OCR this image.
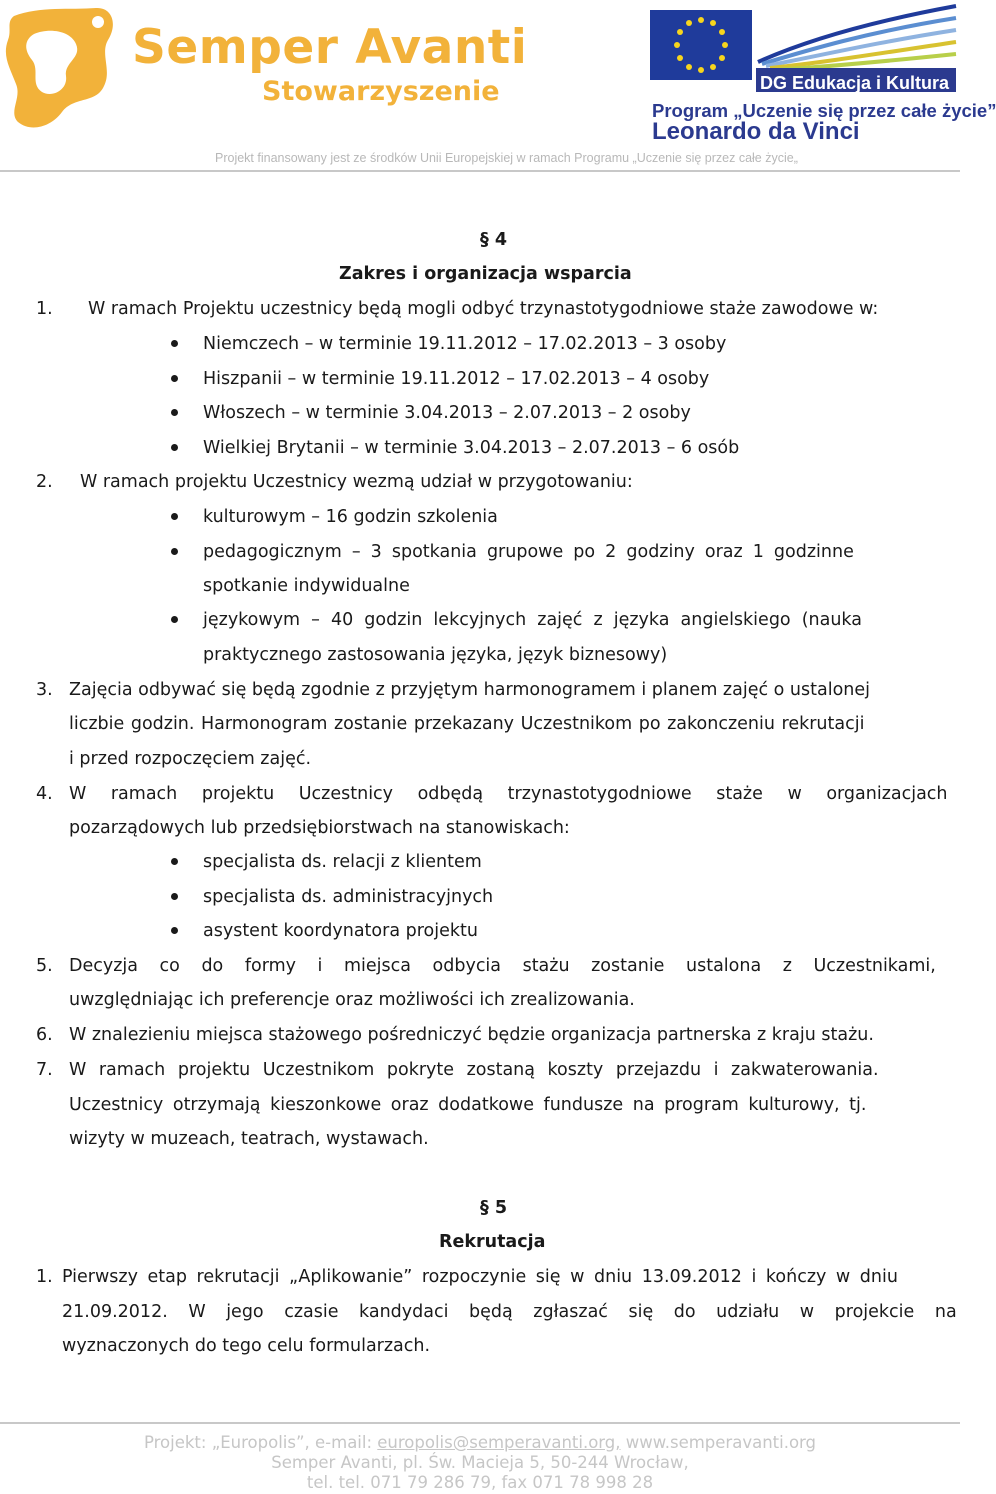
Semper Avanti
Stowarzyszenie	DG Edukacja i Kultura
Program „Uczenie się przez całe życie”
Leonardo da Vinci
Projekt finansowany jest ze środków Unii Europejskiej w ramach Programu „Uczenie się przez całe życie„
§ 4
Zakres i organizacja wsparcia
1. W ramach Projektu uczestnicy będą mogli odbyć trzynastotygodniowe staże zawodowe w:
Niemczech – w terminie 19.11.2012 – 17.02.2013 – 3 osoby
Hiszpanii – w terminie 19.11.2012 – 17.02.2013 – 4 osoby
Włoszech – w terminie 3.04.2013 – 2.07.2013 – 2 osoby
Wielkiej Brytanii – w terminie 3.04.2013 – 2.07.2013 – 6 osób
2. W ramach projektu Uczestnicy wezmą udział w przygotowaniu:
kulturowym – 16 godzin szkolenia
pedagogicznym – 3 spotkania grupowe po 2 godziny oraz 1 godzinne
spotkanie indywidualne
językowym – 40 godzin lekcyjnych zajęć z języka angielskiego (nauka
praktycznego zastosowania języka, język biznesowy)
3. Zajęcia odbywać się będą zgodnie z przyjętym harmonogramem i planem zajęć o ustalonej
liczbie godzin. Harmonogram zostanie przekazany Uczestnikom po zakonczeniu rekrutacji
i przed rozpoczęciem zajęć.
4. W ramach projektu Uczestnicy odbędą trzynastotygodniowe staże w organizacjach
pozarządowych lub przedsiębiorstwach na stanowiskach:
specjalista ds. relacji z klientem
specjalista ds. administracyjnych
asystent koordynatora projektu
5. Decyzja co do formy i miejsca odbycia stażu zostanie ustalona z Uczestnikami,
uwzględniając ich preferencje oraz możliwości ich zrealizowania.
6. W znalezieniu miejsca stażowego pośredniczyć będzie organizacja partnerska z kraju stażu.
7. W ramach projektu Uczestnikom pokryte zostaną koszty przejazdu i zakwaterowania.
Uczestnicy otrzymają kieszonkowe oraz dodatkowe fundusze na program kulturowy, tj.
wizyty w muzeach, teatrach, wystawach.
§ 5
Rekrutacja
1. Pierwszy etap rekrutacji „Aplikowanie” rozpoczynie się w dniu 13.09.2012 i kończy w dniu
21.09.2012. W jego czasie kandydaci będą zgłaszać się do udziału w projekcie na
wyznaczonych do tego celu formularzach.
Projekt: „Europolis”, e-mail: europolis@semperavanti.org, www.semperavanti.org
Semper Avanti, pl. Św. Macieja 5, 50-244 Wrocław,
tel. tel. 071 79 286 79, fax 071 78 998 28
